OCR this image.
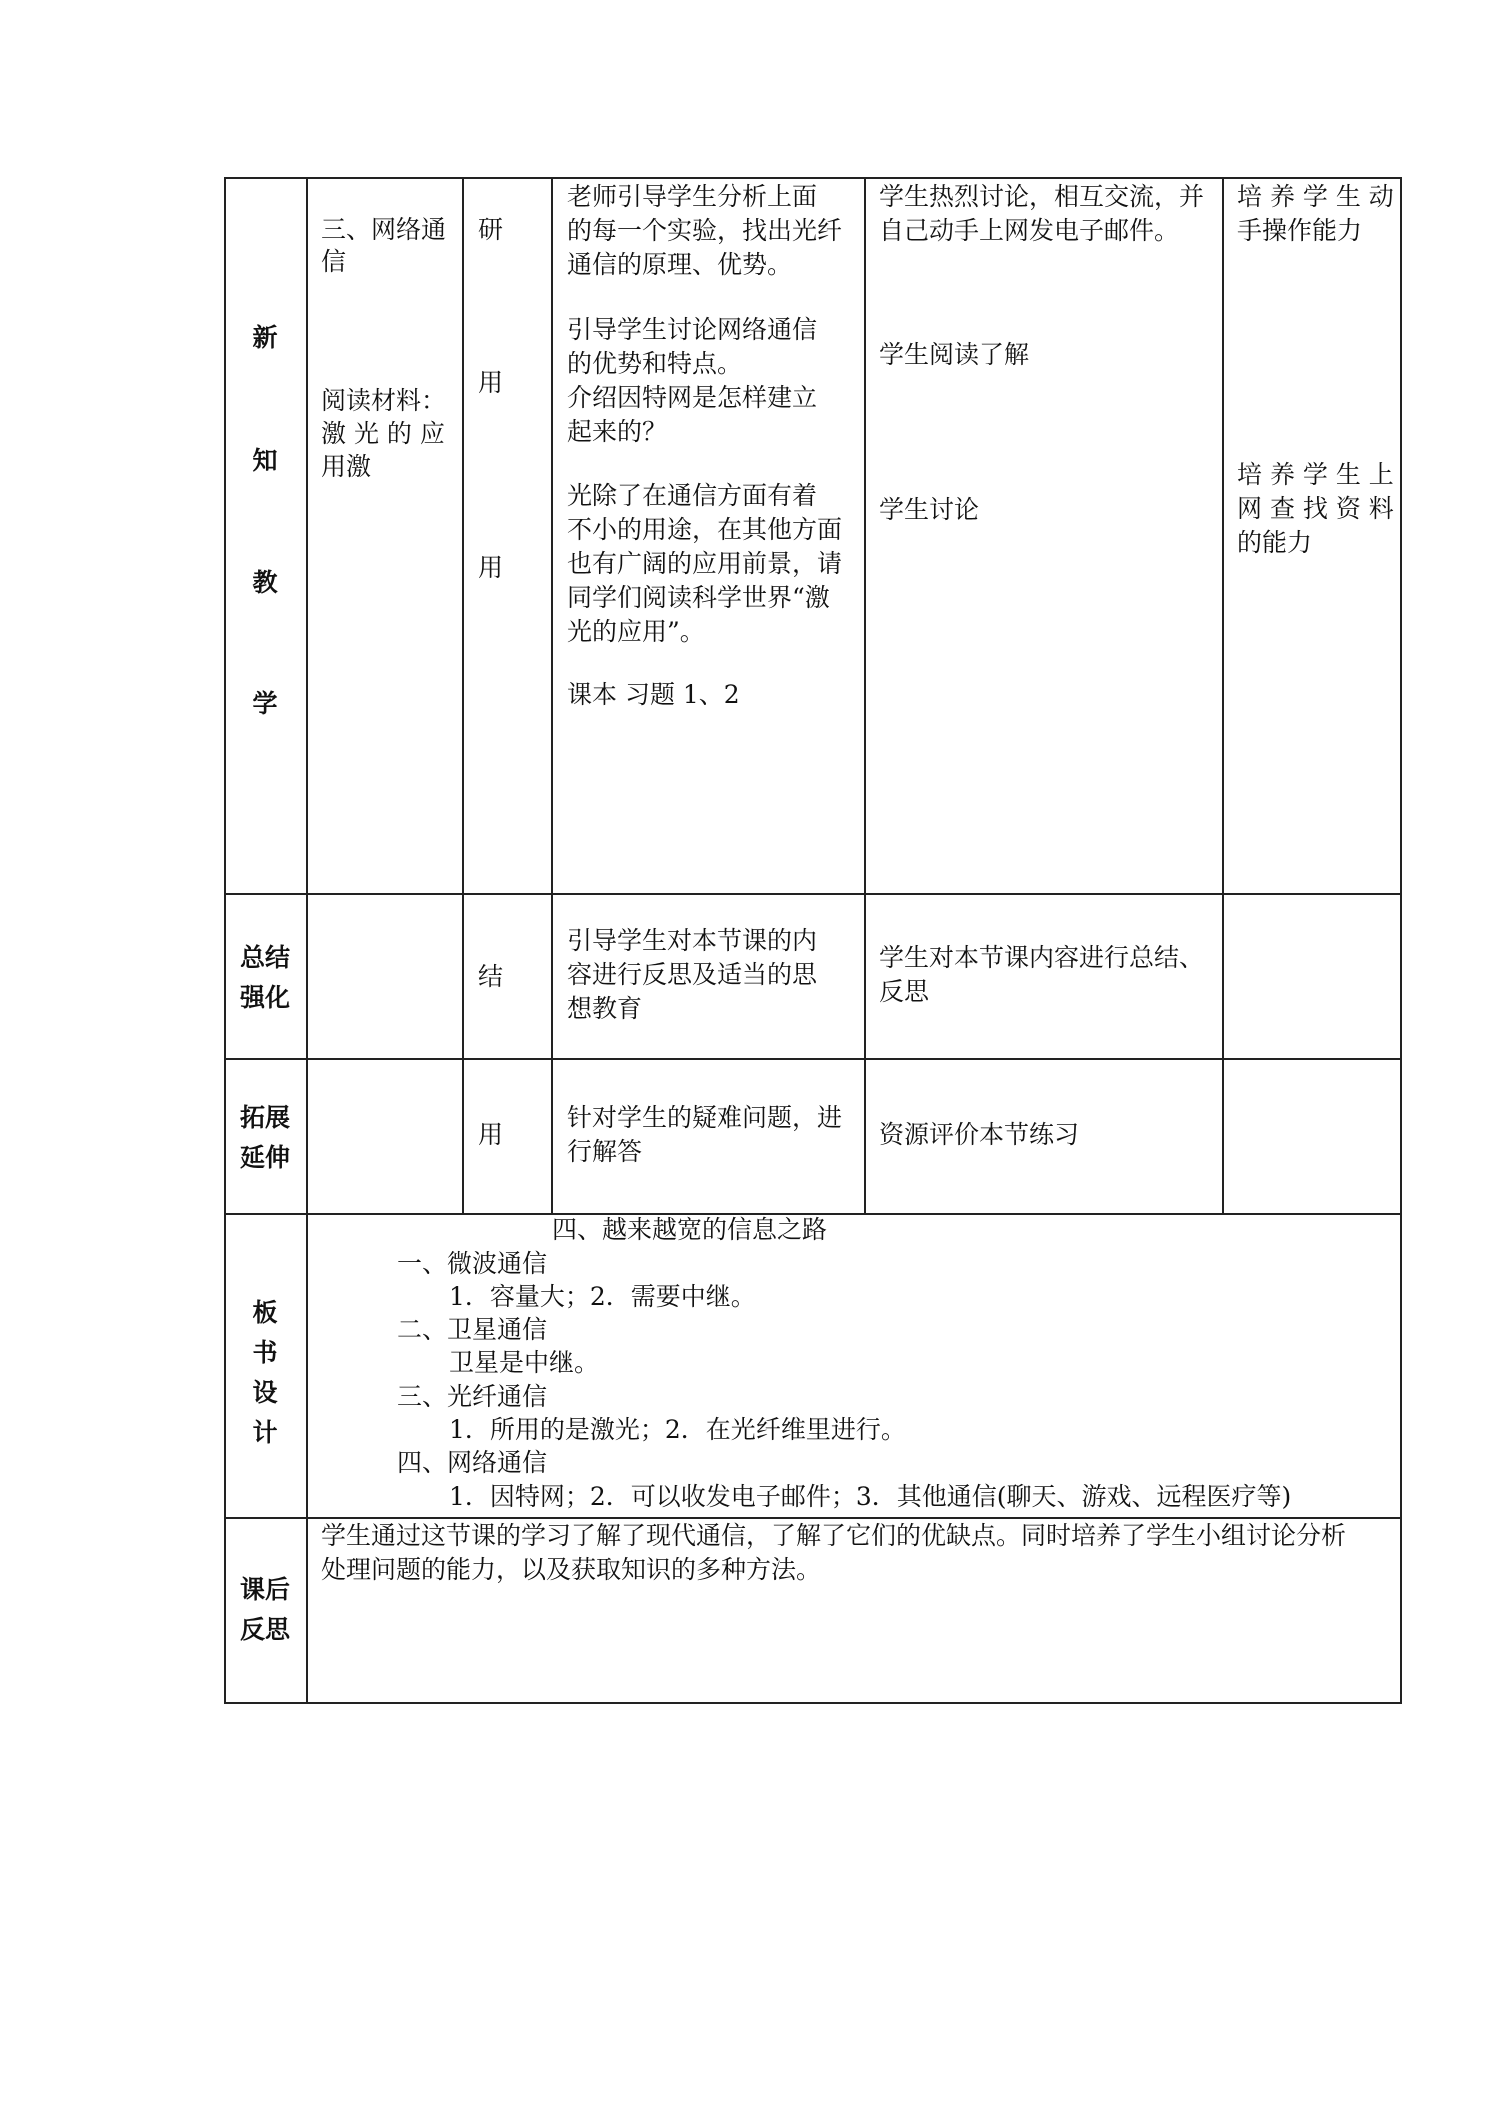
新
知
教
学
三、网络通
信
阅读材料：
激 光 的 应
用激
研
用
用
老师引导学生分析上面
的每一个实验，找出光纤
通信的原理、优势。
引导学生讨论网络通信
的优势和特点。
介绍因特网是怎样建立
起来的？
光除了在通信方面有着
不小的用途，在其他方面
也有广阔的应用前景，请
同学们阅读科学世界“激
光的应用”。
课本 习题 1、2
学生热烈讨论，相互交流，并
自己动手上网发电子邮件。
学生阅读了解
学生讨论
培 养 学 生 动
手操作能力
培 养 学 生 上
网 查 找 资 料
的能力
总结
强化
结
引导学生对本节课的内
容进行反思及适当的思
想教育
学生对本节课内容进行总结、
反思
拓展
延伸
用
针对学生的疑难问题，进
行解答
资源评价本节练习
板
书
设
计
四、越来越宽的信息之路
一、微波通信
1．容量大；2．需要中继。
二、卫星通信
卫星是中继。
三、光纤通信
1．所用的是激光；2．在光纤维里进行。
四、网络通信
1．因特网；2．可以收发电子邮件；3．其他通信(聊天、游戏、远程医疗等)
课后
反思
学生通过这节课的学习了解了现代通信，了解了它们的优缺点。同时培养了学生小组讨论分析
处理问题的能力，以及获取知识的多种方法。
